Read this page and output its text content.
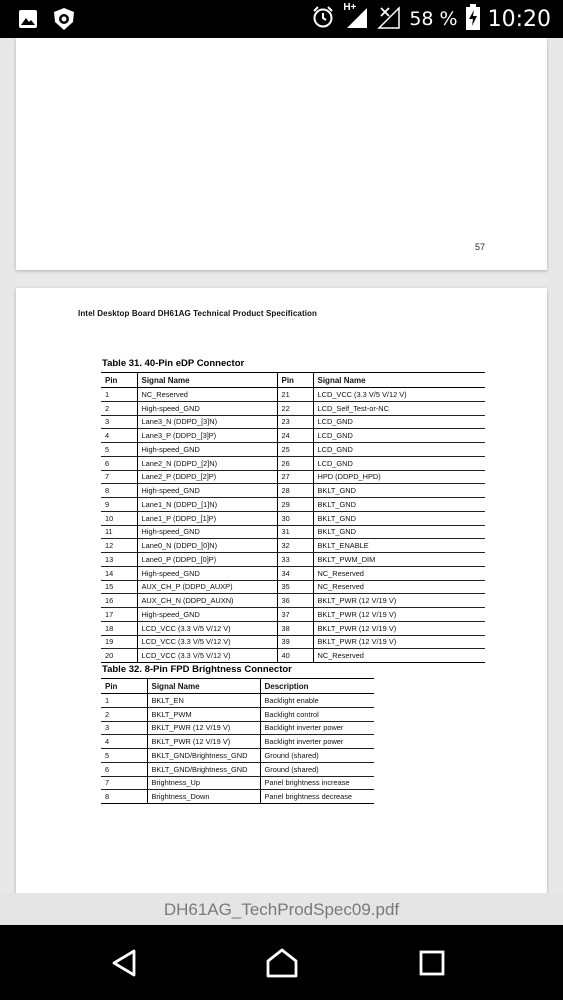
H+
58 % 10:20
57
Intel Desktop Board DH61AG Technical Product Specification
Table 31. 40-Pin eDP Connector
Pin	Signal Name	Pin	Signal Name
1	NC_Reserved	21	LCD_VCC (3.3 V/5 V/12 V)
2	High-speed_GND	22	LCD_Self_Test-or-NC
3	Lane3_N (DDPD_[3]N)	23	LCD_GND
4	Lane3_P (DDPD_[3]P)	24	LCD_GND
5	High-speed_GND	25	LCD_GND
6	Lane2_N (DDPD_[2]N)	26	LCD_GND
7	Lane2_P (DDPD_[2]P)	27	HPD (DDPD_HPD)
8	High-speed_GND	28	BKLT_GND
9	Lane1_N (DDPD_[1]N)	29	BKLT_GND
10	Lane1_P (DDPD_[1]P)	30	BKLT_GND
11	High-speed_GND	31	BKLT_GND
12	Lane0_N (DDPD_[0]N)	32	BKLT_ENABLE
13	Lane0_P (DDPD_[0]P)	33	BKLT_PWM_DIM
14	High-speed_GND	34	NC_Reserved
15	AUX_CH_P (DDPD_AUXP)	35	NC_Reserved
16	AUX_CH_N (DDPD_AUXN)	36	BKLT_PWR (12 V/19 V)
17	High-speed_GND	37	BKLT_PWR (12 V/19 V)
18	LCD_VCC (3.3 V/5 V/12 V)	38	BKLT_PWR (12 V/19 V)
19	LCD_VCC (3.3 V/5 V/12 V)	39	BKLT_PWR (12 V/19 V)
20	LCD_VCC (3.3 V/5 V/12 V)	40	NC_Reserved
Table 32. 8-Pin FPD Brightness Connector
Pin	Signal Name	Description
1	BKLT_EN	Backlight enable
2	BKLT_PWM	Backlight control
3	BKLT_PWR (12 V/19 V)	Backlight inverter power
4	BKLT_PWR (12 V/19 V)	Backlight inverter power
5	BKLT_GND/Brightness_GND	Ground (shared)
6	BKLT_GND/Brightness_GND	Ground (shared)
7	Brightness_Up	Panel brightness increase
8	Brightness_Down	Panel brightness decrease
DH61AG_TechProdSpec09.pdf
